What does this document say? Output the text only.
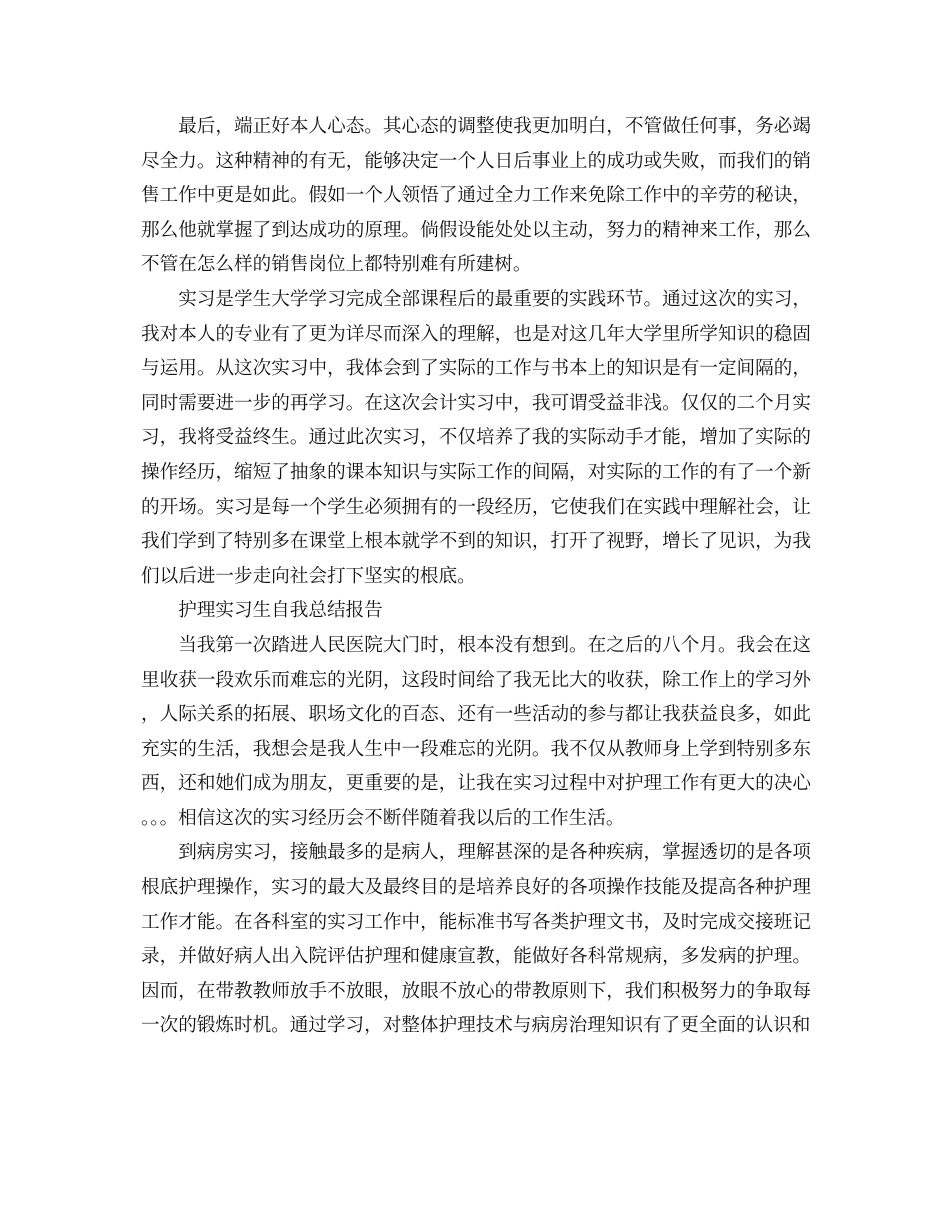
最后，端正好本人心态。其心态的调整使我更加明白，不管做任何事，务必竭尽全力。这种精神的有无，能够决定一个人日后事业上的成功或失败，而我们的销售工作中更是如此。假如一个人领悟了通过全力工作来免除工作中的辛劳的秘诀，那么他就掌握了到达成功的原理。倘假设能处处以主动，努力的精神来工作，那么不管在怎么样的销售岗位上都特别难有所建树。

实习是学生大学学习完成全部课程后的最重要的实践环节。通过这次的实习，我对本人的专业有了更为详尽而深入的理解，也是对这几年大学里所学知识的稳固与运用。从这次实习中，我体会到了实际的工作与书本上的知识是有一定间隔的，同时需要进一步的再学习。在这次会计实习中，我可谓受益非浅。仅仅的二个月实习，我将受益终生。通过此次实习，不仅培养了我的实际动手才能，增加了实际的操作经历，缩短了抽象的课本知识与实际工作的间隔，对实际的工作的有了一个新的开场。实习是每一个学生必须拥有的一段经历，它使我们在实践中理解社会，让我们学到了特别多在课堂上根本就学不到的知识，打开了视野，增长了见识，为我们以后进一步走向社会打下坚实的根底。

护理实习生自我总结报告

当我第一次踏进人民医院大门时，根本没有想到。在之后的八个月。我会在这里收获一段欢乐而难忘的光阴，这段时间给了我无比大的收获，除工作上的学习外，人际关系的拓展、职场文化的百态、还有一些活动的参与都让我获益良多，如此充实的生活，我想会是我人生中一段难忘的光阴。我不仅从教师身上学到特别多东西，还和她们成为朋友，更重要的是，让我在实习过程中对护理工作有更大的决心。。。相信这次的实习经历会不断伴随着我以后的工作生活。

到病房实习，接触最多的是病人，理解甚深的是各种疾病，掌握透切的是各项根底护理操作，实习的最大及最终目的是培养良好的各项操作技能及提高各种护理工作才能。在各科室的实习工作中，能标准书写各类护理文书，及时完成交接班记录，并做好病人出入院评估护理和健康宣教，能做好各科常规病，多发病的护理。因而，在带教教师放手不放眼，放眼不放心的带教原则下，我们积极努力的争取每一次的锻炼时机。通过学习，对整体护理技术与病房治理知识有了更全面的认识和
